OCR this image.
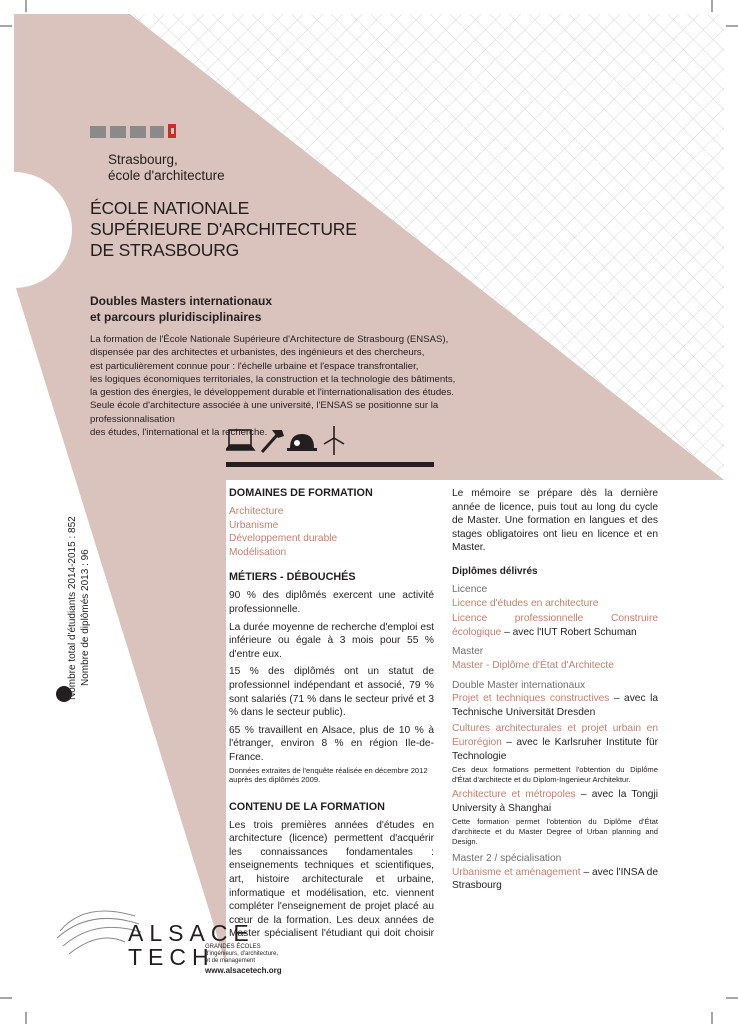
Strasbourg,
école d'architecture
ÉCOLE NATIONALE
SUPÉRIEURE D'ARCHITECTURE
DE STRASBOURG
Doubles Masters internationaux
et parcours pluridisciplinaires
La formation de l'École Nationale Supérieure d'Architecture de Strasbourg (ENSAS),
dispensée par des architectes et urbanistes, des ingénieurs et des chercheurs,
est particulièrement connue pour : l'échelle urbaine et l'espace transfrontalier,
les logiques économiques territoriales, la construction et la technologie des bâtiments,
la gestion des énergies, le développement durable et l'internationalisation des études.
Seule école d'architecture associée à une université, l'ENSAS se positionne sur la professionnalisation
des études, l'international et la recherche.
Nombre total d'étudiants 2014-2015 : 852 Nombre de diplômés 2013 : 96
DOMAINES DE FORMATION
Architecture
Urbanisme
Développement durable
Modélisation
MÉTIERS - DÉBOUCHÉS

90 % des diplômés exercent une activité professionnelle.

La durée moyenne de recherche d'emploi est inférieure ou égale à 3 mois pour 55 % d'entre eux.

15 % des diplômés ont un statut de professionnel indépendant et associé, 79 % sont salariés (71 % dans le secteur privé et 3 % dans le secteur public).

65 % travaillent en Alsace, plus de 10 % à l'étranger, environ 8 % en région Ile-de-France.

Données extraites de l'enquête réalisée en décembre 2012 auprès des diplômés 2009.

CONTENU DE LA FORMATION

Les trois premières années d'études en architecture (licence) permettent d'acquérir les connaissances fondamentales : enseignements techniques et scientifiques, art, histoire architecturale et urbaine, informatique et modélisation, etc. viennent compléter l'enseignement de projet placé au cœur de la formation. Les deux années de Master spécialisent l'étudiant qui doit choisir

Le mémoire se prépare dès la dernière année de licence, puis tout au long du cycle de Master. Une formation en langues et des stages obligatoires ont lieu en licence et en Master.

Diplômes délivrés
Licence
Licence d'études en architecture
Licence professionnelle Construire écologique – avec l'IUT Robert Schuman
Master
Master - Diplôme d'État d'Architecte
Double Master internationaux
Projet et techniques constructives – avec la Technische Universität Dresden
Cultures architecturales et projet urbain en Eurorégion – avec le Karlsruher Institute für Technologie

Ces deux formations permettent l'obtention du Diplôme d'État d'architecte et du Diplom-Ingenieur Architektur.

Architecture et métropoles – avec la Tongji University à Shanghai

Cette formation permet l'obtention du Diplôme d'État d'architecte et du Master Degree of Urban planning and Design.

Master 2 / spécialisation
Urbanisme et aménagement – avec l'INSA de Strasbourg
ALSACE
TECH
GRANDES ÉCOLES
d'ingénieurs, d'architecture,
et de management
www.alsacetech.org
